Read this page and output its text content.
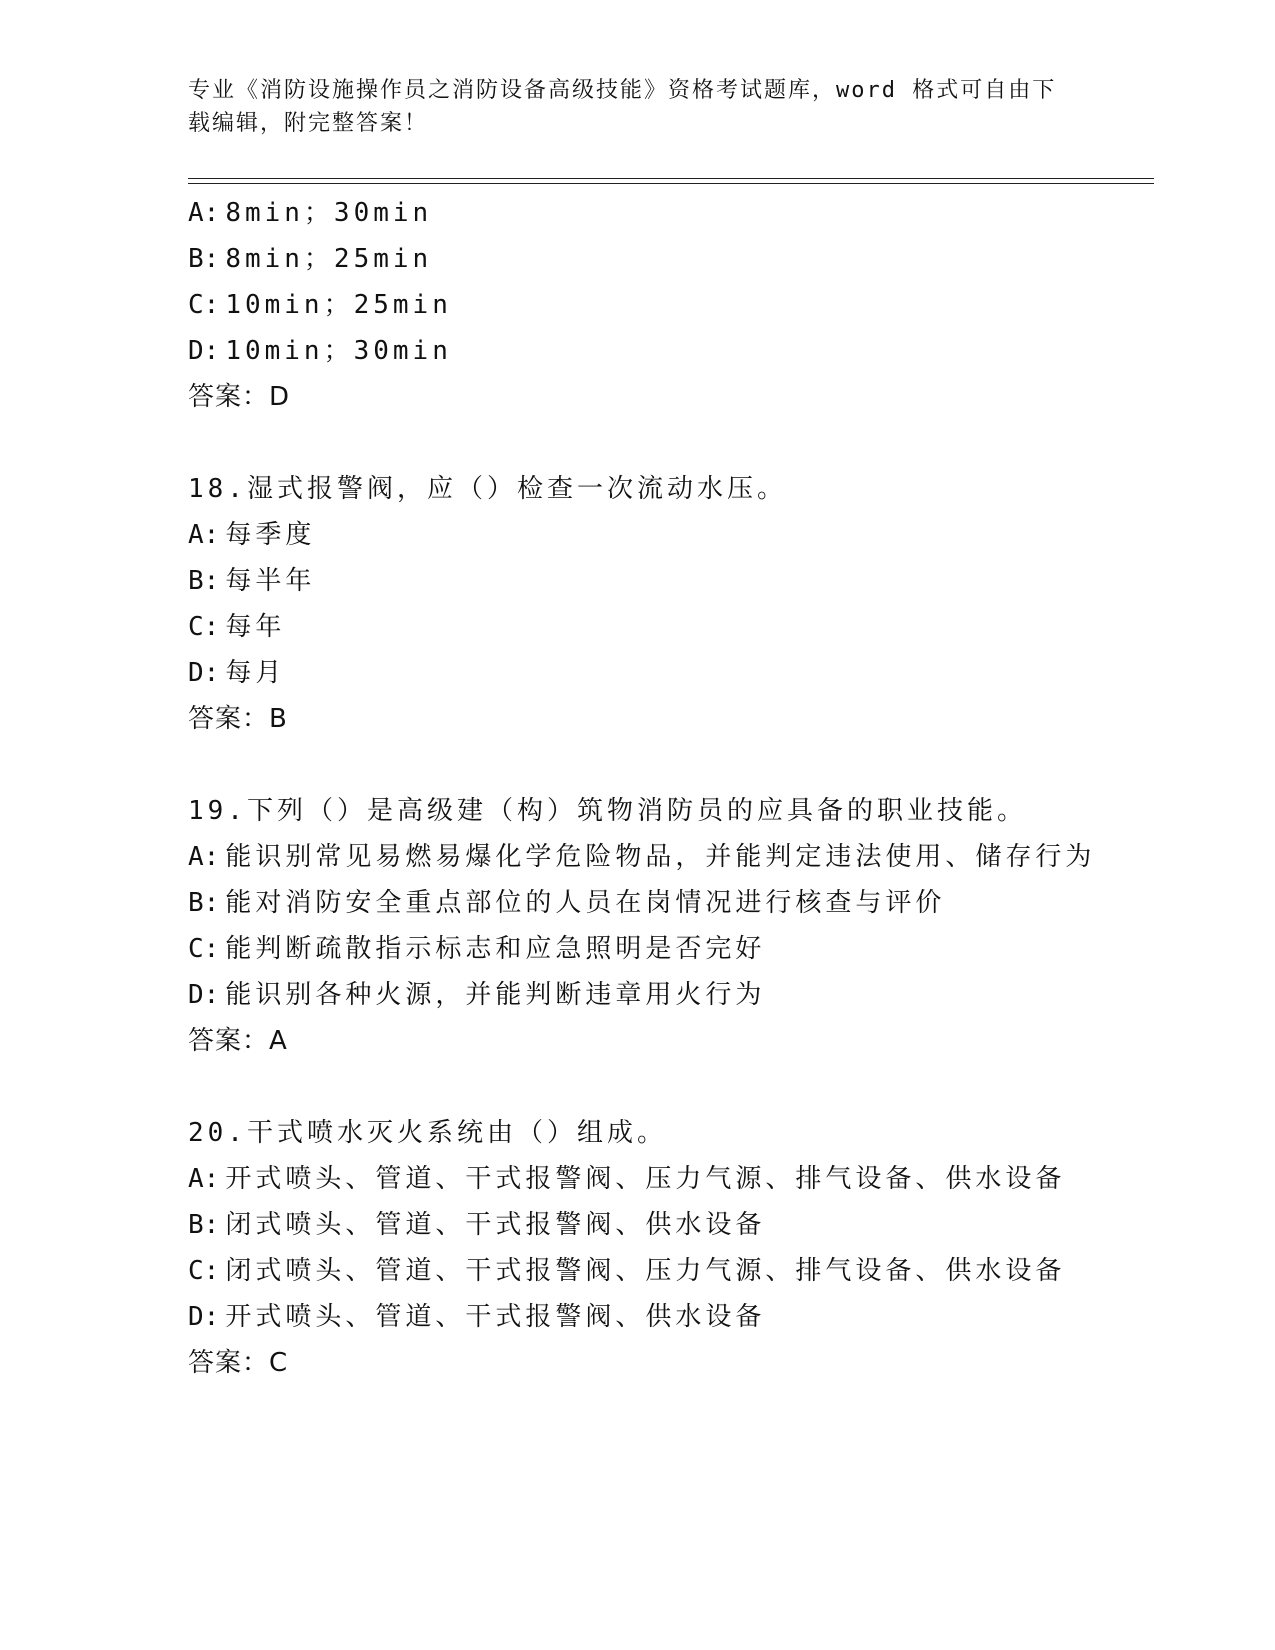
专业《消防设施操作员之消防设备高级技能》资格考试题库，word 格式可自由下
载编辑，附完整答案！
A: 8min；30min
B: 8min；25min
C: 10min；25min
D: 10min；30min
答案：D
18.湿式报警阀，应（）检查一次流动水压。
A: 每季度
B: 每半年
C: 每年
D: 每月
答案：B
19.下列（）是高级建（构）筑物消防员的应具备的职业技能。
A: 能识别常见易燃易爆化学危险物品，并能判定违法使用、储存行为
B: 能对消防安全重点部位的人员在岗情况进行核查与评价
C: 能判断疏散指示标志和应急照明是否完好
D: 能识别各种火源，并能判断违章用火行为
答案：A
20.干式喷水灭火系统由（）组成。
A: 开式喷头、管道、干式报警阀、压力气源、排气设备、供水设备
B: 闭式喷头、管道、干式报警阀、供水设备
C: 闭式喷头、管道、干式报警阀、压力气源、排气设备、供水设备
D: 开式喷头、管道、干式报警阀、供水设备
答案：C
